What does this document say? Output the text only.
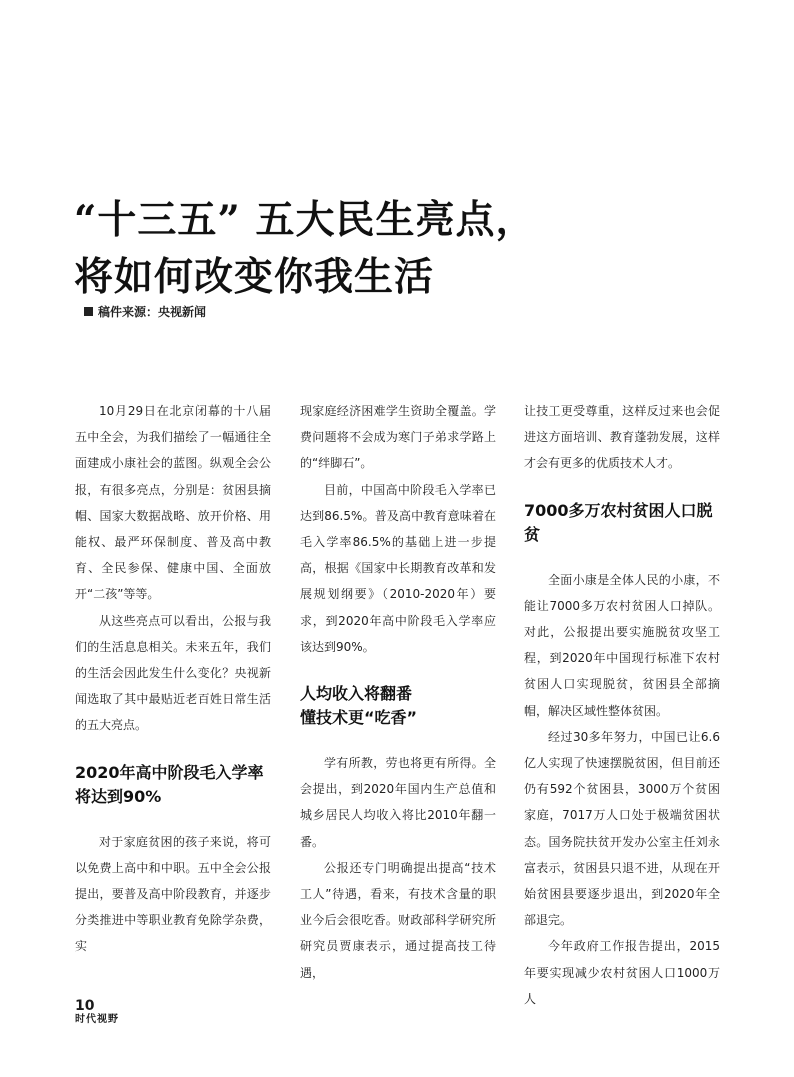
“十三五” 五大民生亮点，
将如何改变你我生活
稿件来源：央视新闻

10月29日在北京闭幕的十八届五中全会，为我们描绘了一幅通往全面建成小康社会的蓝图。纵观全会公报，有很多亮点，分别是：贫困县摘帽、国家大数据战略、放开价格、用能权、最严环保制度、普及高中教育、全民参保、健康中国、全面放开“二孩”等等。

从这些亮点可以看出，公报与我们的生活息息相关。未来五年，我们的生活会因此发生什么变化？央视新闻选取了其中最贴近老百姓日常生活的五大亮点。

2020年高中阶段毛入学率将达到90%

对于家庭贫困的孩子来说，将可以免费上高中和中职。五中全会公报提出，要普及高中阶段教育，并逐步分类推进中等职业教育免除学杂费，实

现家庭经济困难学生资助全覆盖。学费问题将不会成为寒门子弟求学路上的“绊脚石”。

目前，中国高中阶段毛入学率已达到86.5%。普及高中教育意味着在毛入学率86.5%的基础上进一步提高，根据《国家中长期教育改革和发展规划纲要》（2010-2020年）要求，到2020年高中阶段毛入学率应该达到90%。

人均收入将翻番
懂技术更“吃香”

学有所教，劳也将更有所得。全会提出，到2020年国内生产总值和城乡居民人均收入将比2010年翻一番。

公报还专门明确提出提高“技术工人”待遇，看来，有技术含量的职业今后会很吃香。财政部科学研究所研究员贾康表示，通过提高技工待遇，

让技工更受尊重，这样反过来也会促进这方面培训、教育蓬勃发展，这样才会有更多的优质技术人才。

7000多万农村贫困人口脱贫

全面小康是全体人民的小康，不能让7000多万农村贫困人口掉队。对此，公报提出要实施脱贫攻坚工程，到2020年中国现行标准下农村贫困人口实现脱贫，贫困县全部摘帽，解决区域性整体贫困。

经过30多年努力，中国已让6.6亿人实现了快速摆脱贫困，但目前还仍有592个贫困县，3000万个贫困家庭，7017万人口处于极端贫困状态。国务院扶贫开发办公室主任刘永富表示，贫困县只退不进，从现在开始贫困县要逐步退出，到2020年全部退完。

今年政府工作报告提出，2015年要实现减少农村贫困人口1000万人

10
时代视野
